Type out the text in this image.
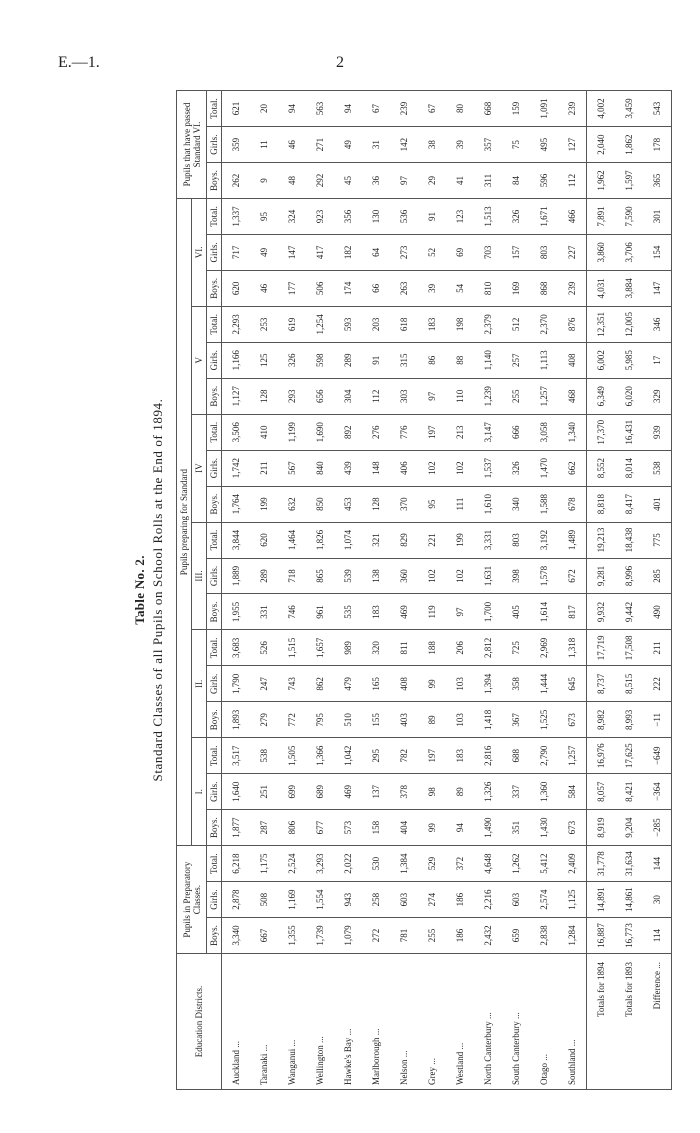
E.—1.	2
Table No. 2. Standard Classes of all Pupils on School Rolls at the End of 1894.
Education Districts.	Pupils in Preparatory Classes.			Pupils preparing for Standard																		Pupils that have passed Standard VI.		
				I.			II.			III.			IV			V			VI.					
	Boys.	Girls.	Total.	Boys.	Girls.	Total.	Boys.	Girls.	Total.	Boys.	Girls.	Total.	Boys.	Girls.	Total.	Boys.	Girls.	Total.	Boys.	Girls.	Total.	Boys.	Girls.	Total.
Auckland ...	3,340	2,878	6,218	1,877	1,640	3,517	1,893	1,790	3,683	1,955	1,889	3,844	1,764	1,742	3,506	1,127	1,166	2,293	620	717	1,337	262	359	621
Taranaki ...	667	508	1,175	287	251	538	279	247	526	331	289	620	199	211	410	128	125	253	46	49	95	9	11	20
Wanganui ...	1,355	1,169	2,524	806	699	1,505	772	743	1,515	746	718	1,464	632	567	1,199	293	326	619	177	147	324	48	46	94
Wellington ...	1,739	1,554	3,293	677	689	1,366	795	862	1,657	961	865	1,826	850	840	1,690	656	598	1,254	506	417	923	292	271	563
Hawke's Bay ...	1,079	943	2,022	573	469	1,042	510	479	989	535	539	1,074	453	439	892	304	289	593	174	182	356	45	49	94
Marlborough ...	272	258	530	158	137	295	155	165	320	183	138	321	128	148	276	112	91	203	66	64	130	36	31	67
Nelson ...	781	603	1,384	404	378	782	403	408	811	469	360	829	370	406	776	303	315	618	263	273	536	97	142	239
Grey ...	255	274	529	99	98	197	89	99	188	119	102	221	95	102	197	97	86	183	39	52	91	29	38	67
Westland ...	186	186	372	94	89	183	103	103	206	97	102	199	111	102	213	110	88	198	54	69	123	41	39	80
North Canterbury ...	2,432	2,216	4,648	1,490	1,326	2,816	1,418	1,394	2,812	1,700	1,631	3,331	1,610	1,537	3,147	1,239	1,140	2,379	810	703	1,513	311	357	668
South Canterbury ...	659	603	1,262	351	337	688	367	358	725	405	398	803	340	326	666	255	257	512	169	157	326	84	75	159
Otago ...	2,838	2,574	5,412	1,430	1,360	2,790	1,525	1,444	2,969	1,614	1,578	3,192	1,588	1,470	3,058	1,257	1,113	2,370	868	803	1,671	596	495	1,091
Southland ...	1,284	1,125	2,409	673	584	1,257	673	645	1,318	817	672	1,489	678	662	1,340	468	408	876	239	227	466	112	127	239
Totals for 1894	16,887	14,891	31,778	8,919	8,057	16,976	8,982	8,737	17,719	9,932	9,281	19,213	8,818	8,552	17,370	6,349	6,002	12,351	4,031	3,860	7,891	1,962	2,040	4,002
Totals for 1893	16,773	14,861	31,634	9,204	8,421	17,625	8,993	8,515	17,508	9,442	8,996	18,438	8,417	8,014	16,431	6,020	5,985	12,005	3,884	3,706	7,590	1,597	1,862	3,459
Difference ...	114	30	144	−285	−364	−649	−11	222	211	490	285	775	401	538	939	329	17	346	147	154	301	365	178	543
